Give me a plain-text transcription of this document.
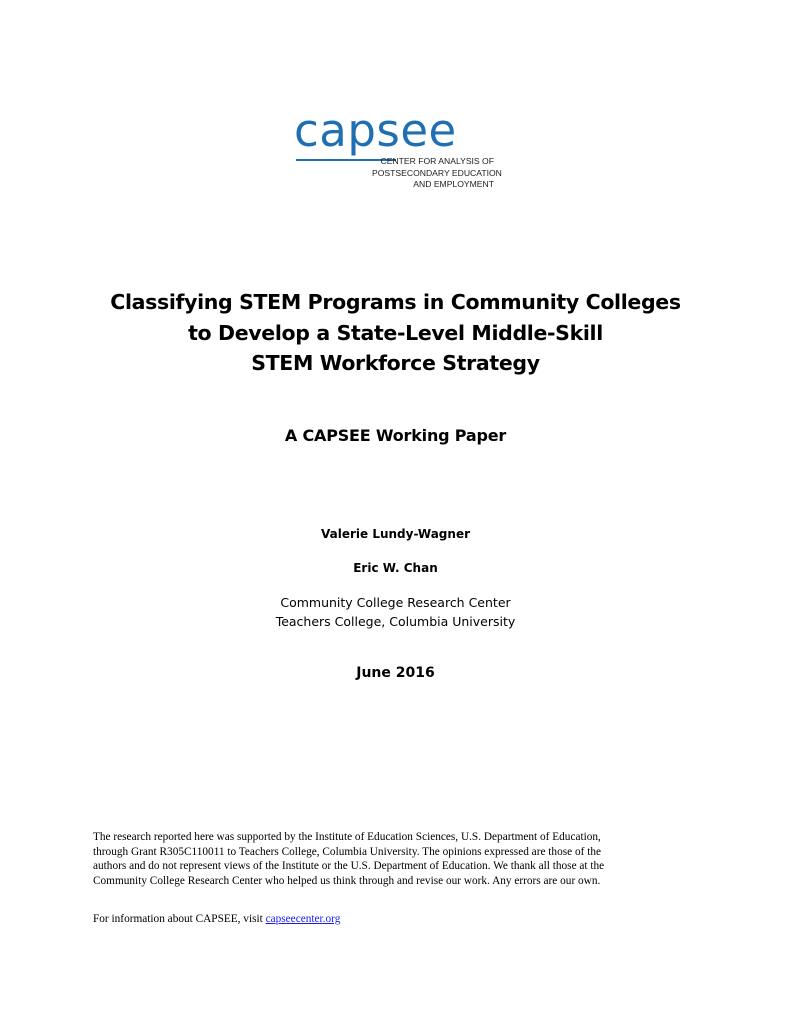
capsee
CENTER FOR ANALYSIS OF
POSTSECONDARY EDUCATION
AND EMPLOYMENT
Classifying STEM Programs in Community Colleges
to Develop a State-Level Middle-Skill
STEM Workforce Strategy
A CAPSEE Working Paper
Valerie Lundy-Wagner
Eric W. Chan
Community College Research Center
Teachers College, Columbia University
June 2016
The research reported here was supported by the Institute of Education Sciences, U.S. Department of Education,
through Grant R305C110011 to Teachers College, Columbia University. The opinions expressed are those of the
authors and do not represent views of the Institute or the U.S. Department of Education. We thank all those at the
Community College Research Center who helped us think through and revise our work. Any errors are our own.
For information about CAPSEE, visit capseecenter.org
